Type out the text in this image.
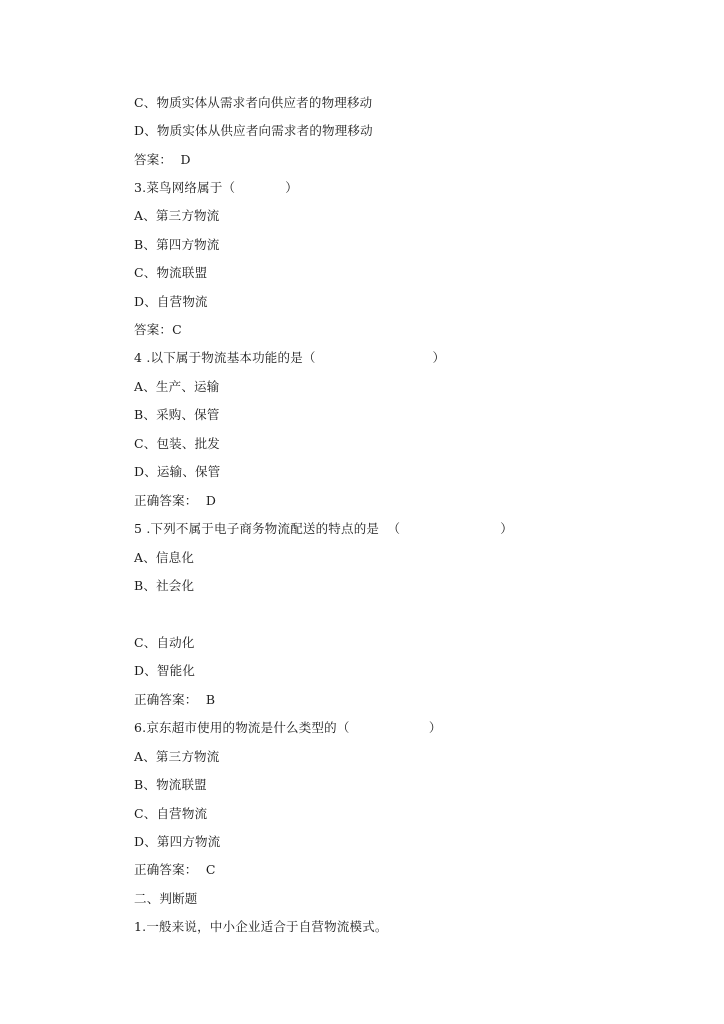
C、物质实体从需求者向供应者的物理移动
D、物质实体从供应者向需求者的物理移动
答案：  D
3.菜鸟网络属于（            ）
A、第三方物流
B、第四方物流
C、物流联盟
D、自营物流
答案：C
4 .以下属于物流基本功能的是（                            ）
A、生产、运输
B、采购、保管
C、包装、批发
D、运输、保管
正确答案：  D
5 .下列不属于电子商务物流配送的特点的是  （                        ）
A、信息化
B、社会化
C、自动化
D、智能化
正确答案：  B
6.京东超市使用的物流是什么类型的（                   ）
A、第三方物流
B、物流联盟
C、自营物流
D、第四方物流
正确答案：  C
二、判断题
1.一般来说，中小企业适合于自营物流模式。
